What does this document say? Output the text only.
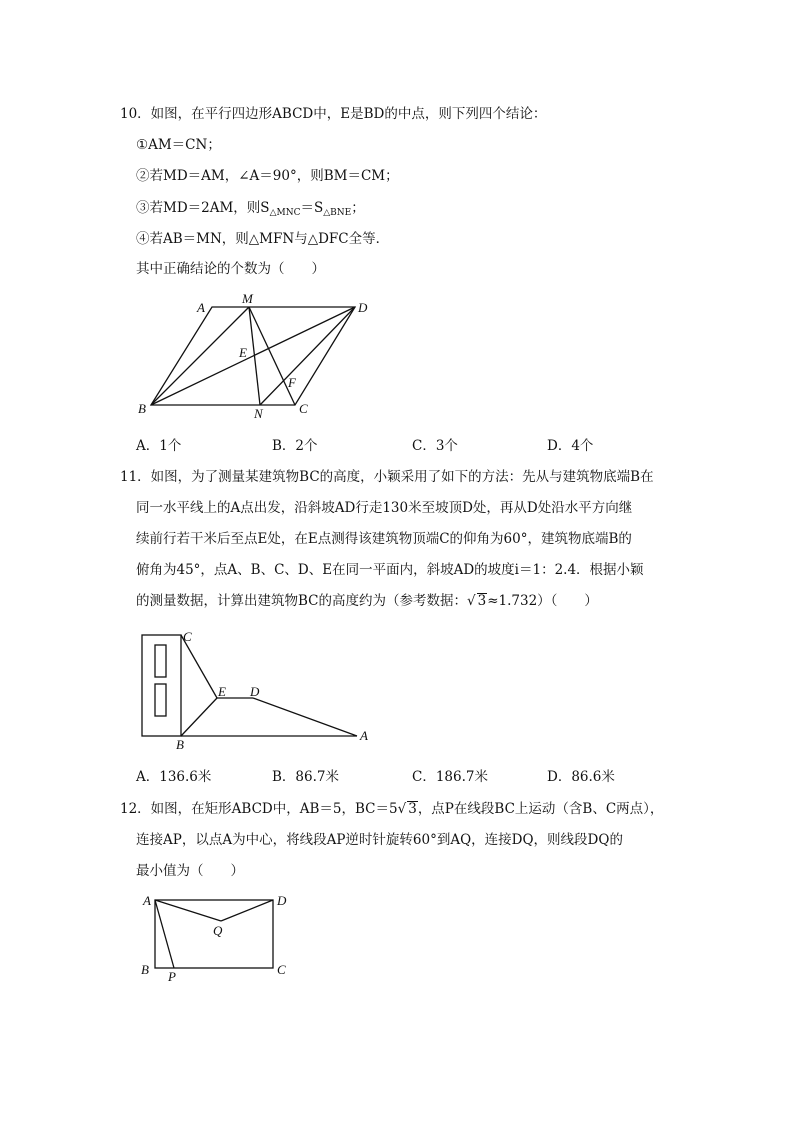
10．如图，在平行四边形ABCD中，E是BD的中点，则下列四个结论：
①AM＝CN；
②若MD＝AM，∠A＝90°，则BM＝CM；
③若MD＝2AM，则$S_{\triangle MNC}=S_{\triangle BNE}$；
④若AB＝MN，则△MFN与△DFC全等．
其中正确结论的个数为（　　）
A
M
D
E
F
B	N	C
C
E D
B
A
A	D
Q
B P	C
A．1个	B．2个	C．3个	D．4个
11．如图，为了测量某建筑物BC的高度，小颖采用了如下的方法：先从与建筑物底端B在
同一水平线上的A点出发，沿斜坡AD行走130米至坡顶D处，再从D处沿水平方向继
续前行若干米后至点E处，在E点测得该建筑物顶端C的仰角为60°，建筑物底端B的
俯角为45°，点A、B、C、D、E在同一平面内，斜坡AD的坡度i＝1：2.4．根据小颖
的测量数据，计算出建筑物BC的高度约为（参考数据：√ 3≈1.732）（　　）
A．136.6米	B．86.7米	C．186.7米	D．86.6米
12．如图，在矩形ABCD中，AB＝5，BC＝5√ 3，点P在线段BC上运动（含B、C两点），
连接AP，以点A为中心，将线段AP逆时针旋转60°到AQ，连接DQ，则线段DQ的
最小值为（　　）
